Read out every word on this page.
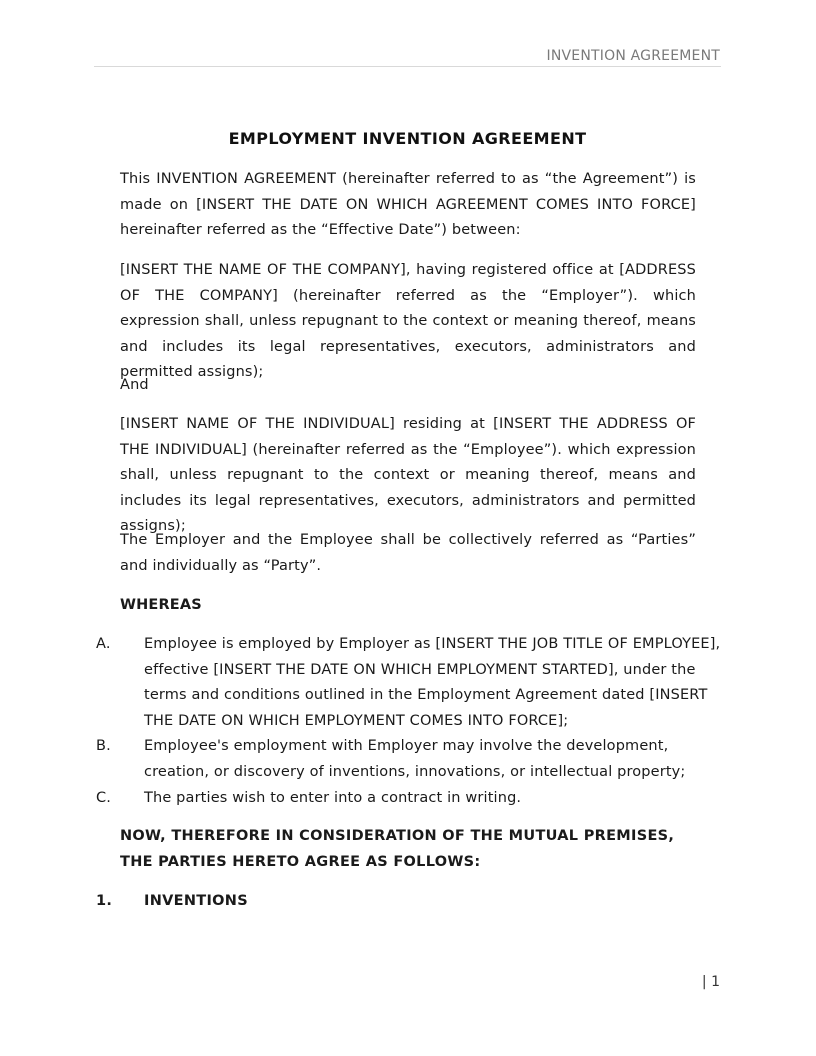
INVENTION AGREEMENT
EMPLOYMENT INVENTION AGREEMENT
This INVENTION AGREEMENT (hereinafter referred to as “the Agreement”) is made on [INSERT THE DATE ON WHICH AGREEMENT COMES INTO FORCE] hereinafter referred as the “Effective Date”) between:
[INSERT THE NAME OF THE COMPANY], having registered office at [ADDRESS OF THE COMPANY] (hereinafter referred as the “Employer”). which expression shall, unless repugnant to the context or meaning thereof, means and includes its legal representatives, executors, administrators and permitted assigns);
And
[INSERT NAME OF THE INDIVIDUAL] residing at [INSERT THE ADDRESS OF THE INDIVIDUAL] (hereinafter referred as the “Employee”). which expression shall, unless repugnant to the context or meaning thereof, means and includes its legal representatives, executors, administrators and permitted assigns);
The Employer and the Employee shall be collectively referred as “Parties” and individually as “Party”.
WHEREAS
A. Employee is employed by Employer as [INSERT THE JOB TITLE OF EMPLOYEE], effective [INSERT THE DATE ON WHICH EMPLOYMENT STARTED], under the terms and conditions outlined in the Employment Agreement dated [INSERT THE DATE ON WHICH EMPLOYMENT COMES INTO FORCE];
B. Employee's employment with Employer may involve the development, creation, or discovery of inventions, innovations, or intellectual property;
C. The parties wish to enter into a contract in writing.
NOW, THEREFORE IN CONSIDERATION OF THE MUTUAL PREMISES, THE PARTIES HERETO AGREE AS FOLLOWS:
1. INVENTIONS
| 1
